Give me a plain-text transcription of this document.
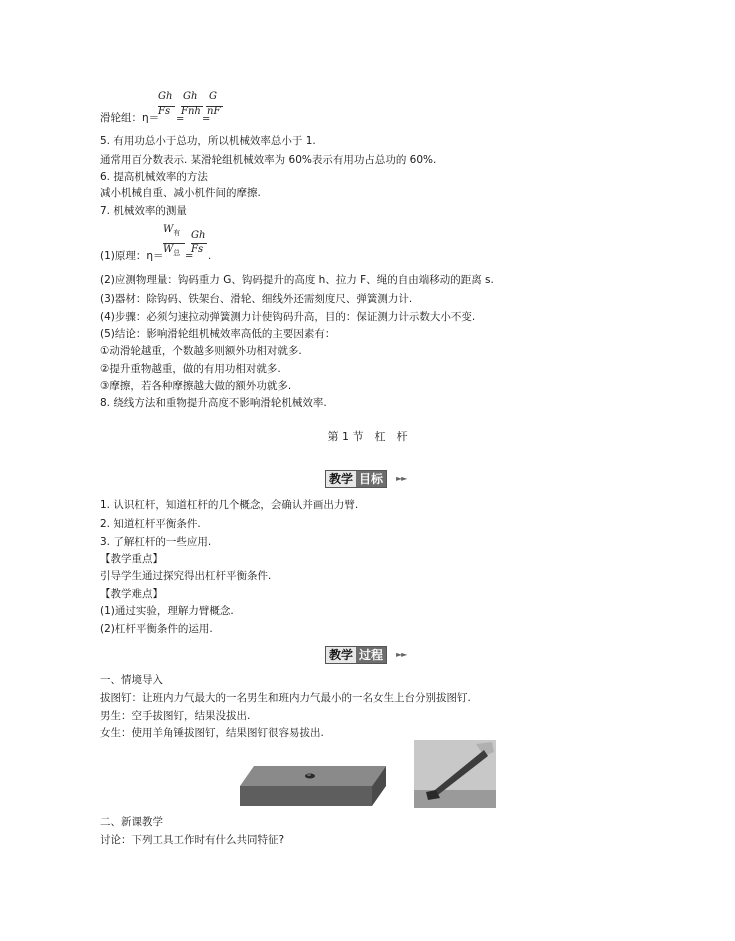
Gh Gh G
滑轮组：η＝
Fs
=
Fnh
=
nF
5. 有用功总小于总功，所以机械效率总小于 1.
通常用百分数表示. 某滑轮组机械效率为 60%表示有用功占总功的 60%.
6. 提高机械效率的方法
减小机械自重、减小机件间的摩擦.
7. 机械效率的测量
$W_有$ Gh
(1)原理：η＝
$W_总$ =
Fs
.
(2)应测物理量：钩码重力 G、钩码提升的高度 h、拉力 F、绳的自由端移动的距离 s.
(3)器材：除钩码、铁架台、滑轮、细线外还需刻度尺、弹簧测力计.
(4)步骤：必须匀速拉动弹簧测力计使钩码升高，目的：保证测力计示数大小不变.
(5)结论：影响滑轮组机械效率高低的主要因素有：
①动滑轮越重，个数越多则额外功相对就多.
②提升重物越重，做的有用功相对就多.
③摩擦，若各种摩擦越大做的额外功就多.
8. 绕线方法和重物提升高度不影响滑轮机械效率.
第 1 节　杠　杆
教学 目标	►►
1. 认识杠杆，知道杠杆的几个概念，会确认并画出力臂.
2. 知道杠杆平衡条件.
3. 了解杠杆的一些应用.
【教学重点】
引导学生通过探究得出杠杆平衡条件.
【教学难点】
(1)通过实验，理解力臂概念.
(2)杠杆平衡条件的运用.
教学 过程	►►
一、情境导入
拔图钉：让班内力气最大的一名男生和班内力气最小的一名女生上台分别拔图钉.
男生：空手拔图钉，结果没拔出.
女生：使用羊角锤拔图钉，结果图钉很容易拔出.
二、新课教学
讨论：下列工具工作时有什么共同特征?
